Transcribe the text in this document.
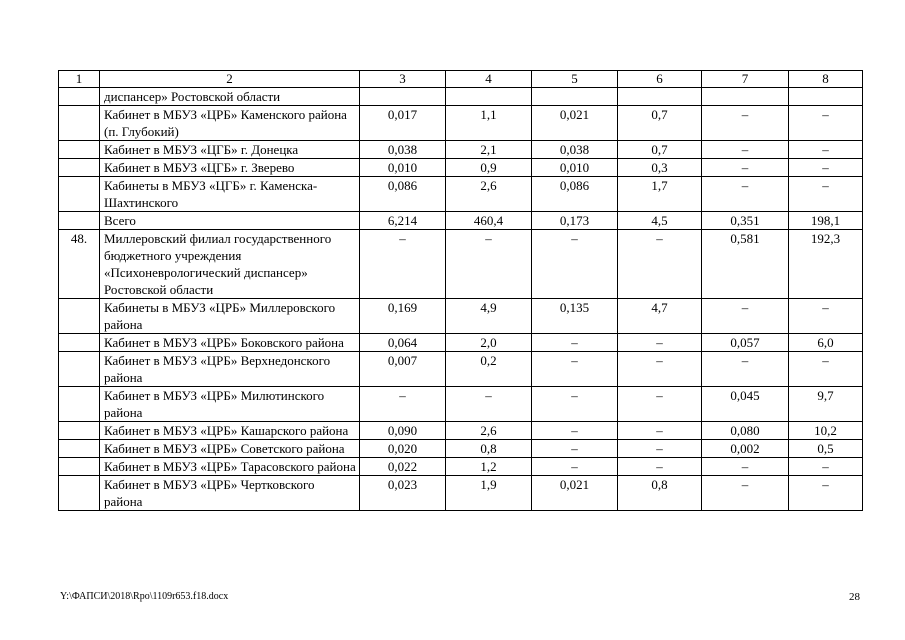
1	2	3	4	5	6	7	8
	диспансер» Ростовской области						
	Кабинет в МБУЗ «ЦРБ» Каменского района (п. Глубокий)	0,017	1,1	0,021	0,7	–	–
	Кабинет в МБУЗ «ЦГБ» г. Донецка	0,038	2,1	0,038	0,7	–	–
	Кабинет в МБУЗ «ЦГБ» г. Зверево	0,010	0,9	0,010	0,3	–	–
	Кабинеты в МБУЗ «ЦГБ» г. Каменска-Шахтинского	0,086	2,6	0,086	1,7	–	–
	Всего	6,214	460,4	0,173	4,5	0,351	198,1
48.	Миллеровский филиал государственного бюджетного учреждения «Психоневрологический диспансер» Ростовской области	–	–	–	–	0,581	192,3
	Кабинеты в МБУЗ «ЦРБ» Миллеровского района	0,169	4,9	0,135	4,7	–	–
	Кабинет в МБУЗ «ЦРБ» Боковского района	0,064	2,0	–	–	0,057	6,0
	Кабинет в МБУЗ «ЦРБ» Верхнедонского района	0,007	0,2	–	–	–	–
	Кабинет в МБУЗ «ЦРБ» Милютинского района	–	–	–	–	0,045	9,7
	Кабинет в МБУЗ «ЦРБ» Кашарского района	0,090	2,6	–	–	0,080	10,2
	Кабинет в МБУЗ «ЦРБ» Советского района	0,020	0,8	–	–	0,002	0,5
	Кабинет в МБУЗ «ЦРБ» Тарасовского района	0,022	1,2	–	–	–	–
	Кабинет в МБУЗ «ЦРБ» Чертковского района	0,023	1,9	0,021	0,8	–	–
Y:\ФАПСИ\2018\Rpo\1109r653.f18.docx	28
